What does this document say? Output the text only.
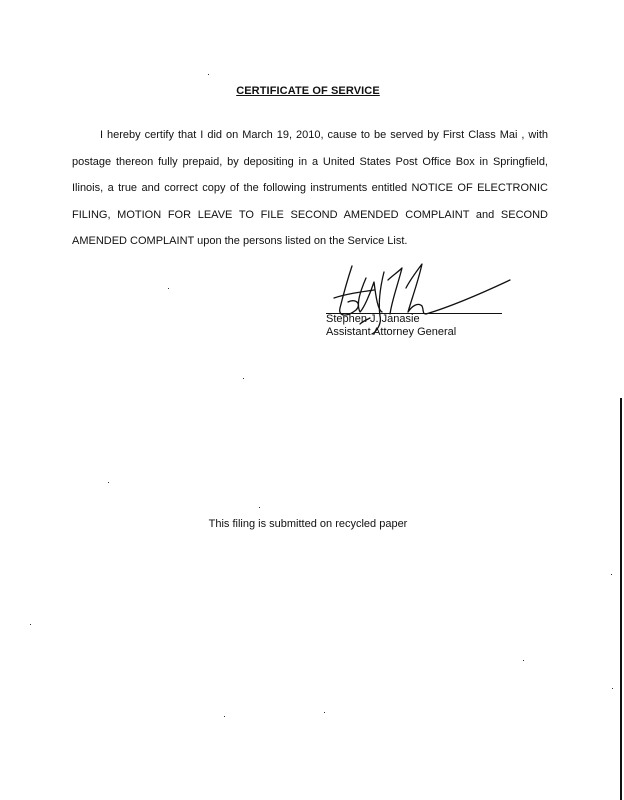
CERTIFICATE OF SERVICE
I hereby certify that I did on March 19, 2010, cause to be served by First Class Mai , with
postage thereon fully prepaid, by depositing in a United States Post Office Box in Springfield,
Ilinois, a true and correct copy of the following instruments entitled NOTICE OF ELECTRONIC
FILING, MOTION FOR LEAVE TO FILE SECOND AMENDED COMPLAINT and SECOND
AMENDED COMPLAINT upon the persons listed on the Service List.
Stephen J. Janasie
Assistant Attorney General
This filing is submitted on recycled paper
